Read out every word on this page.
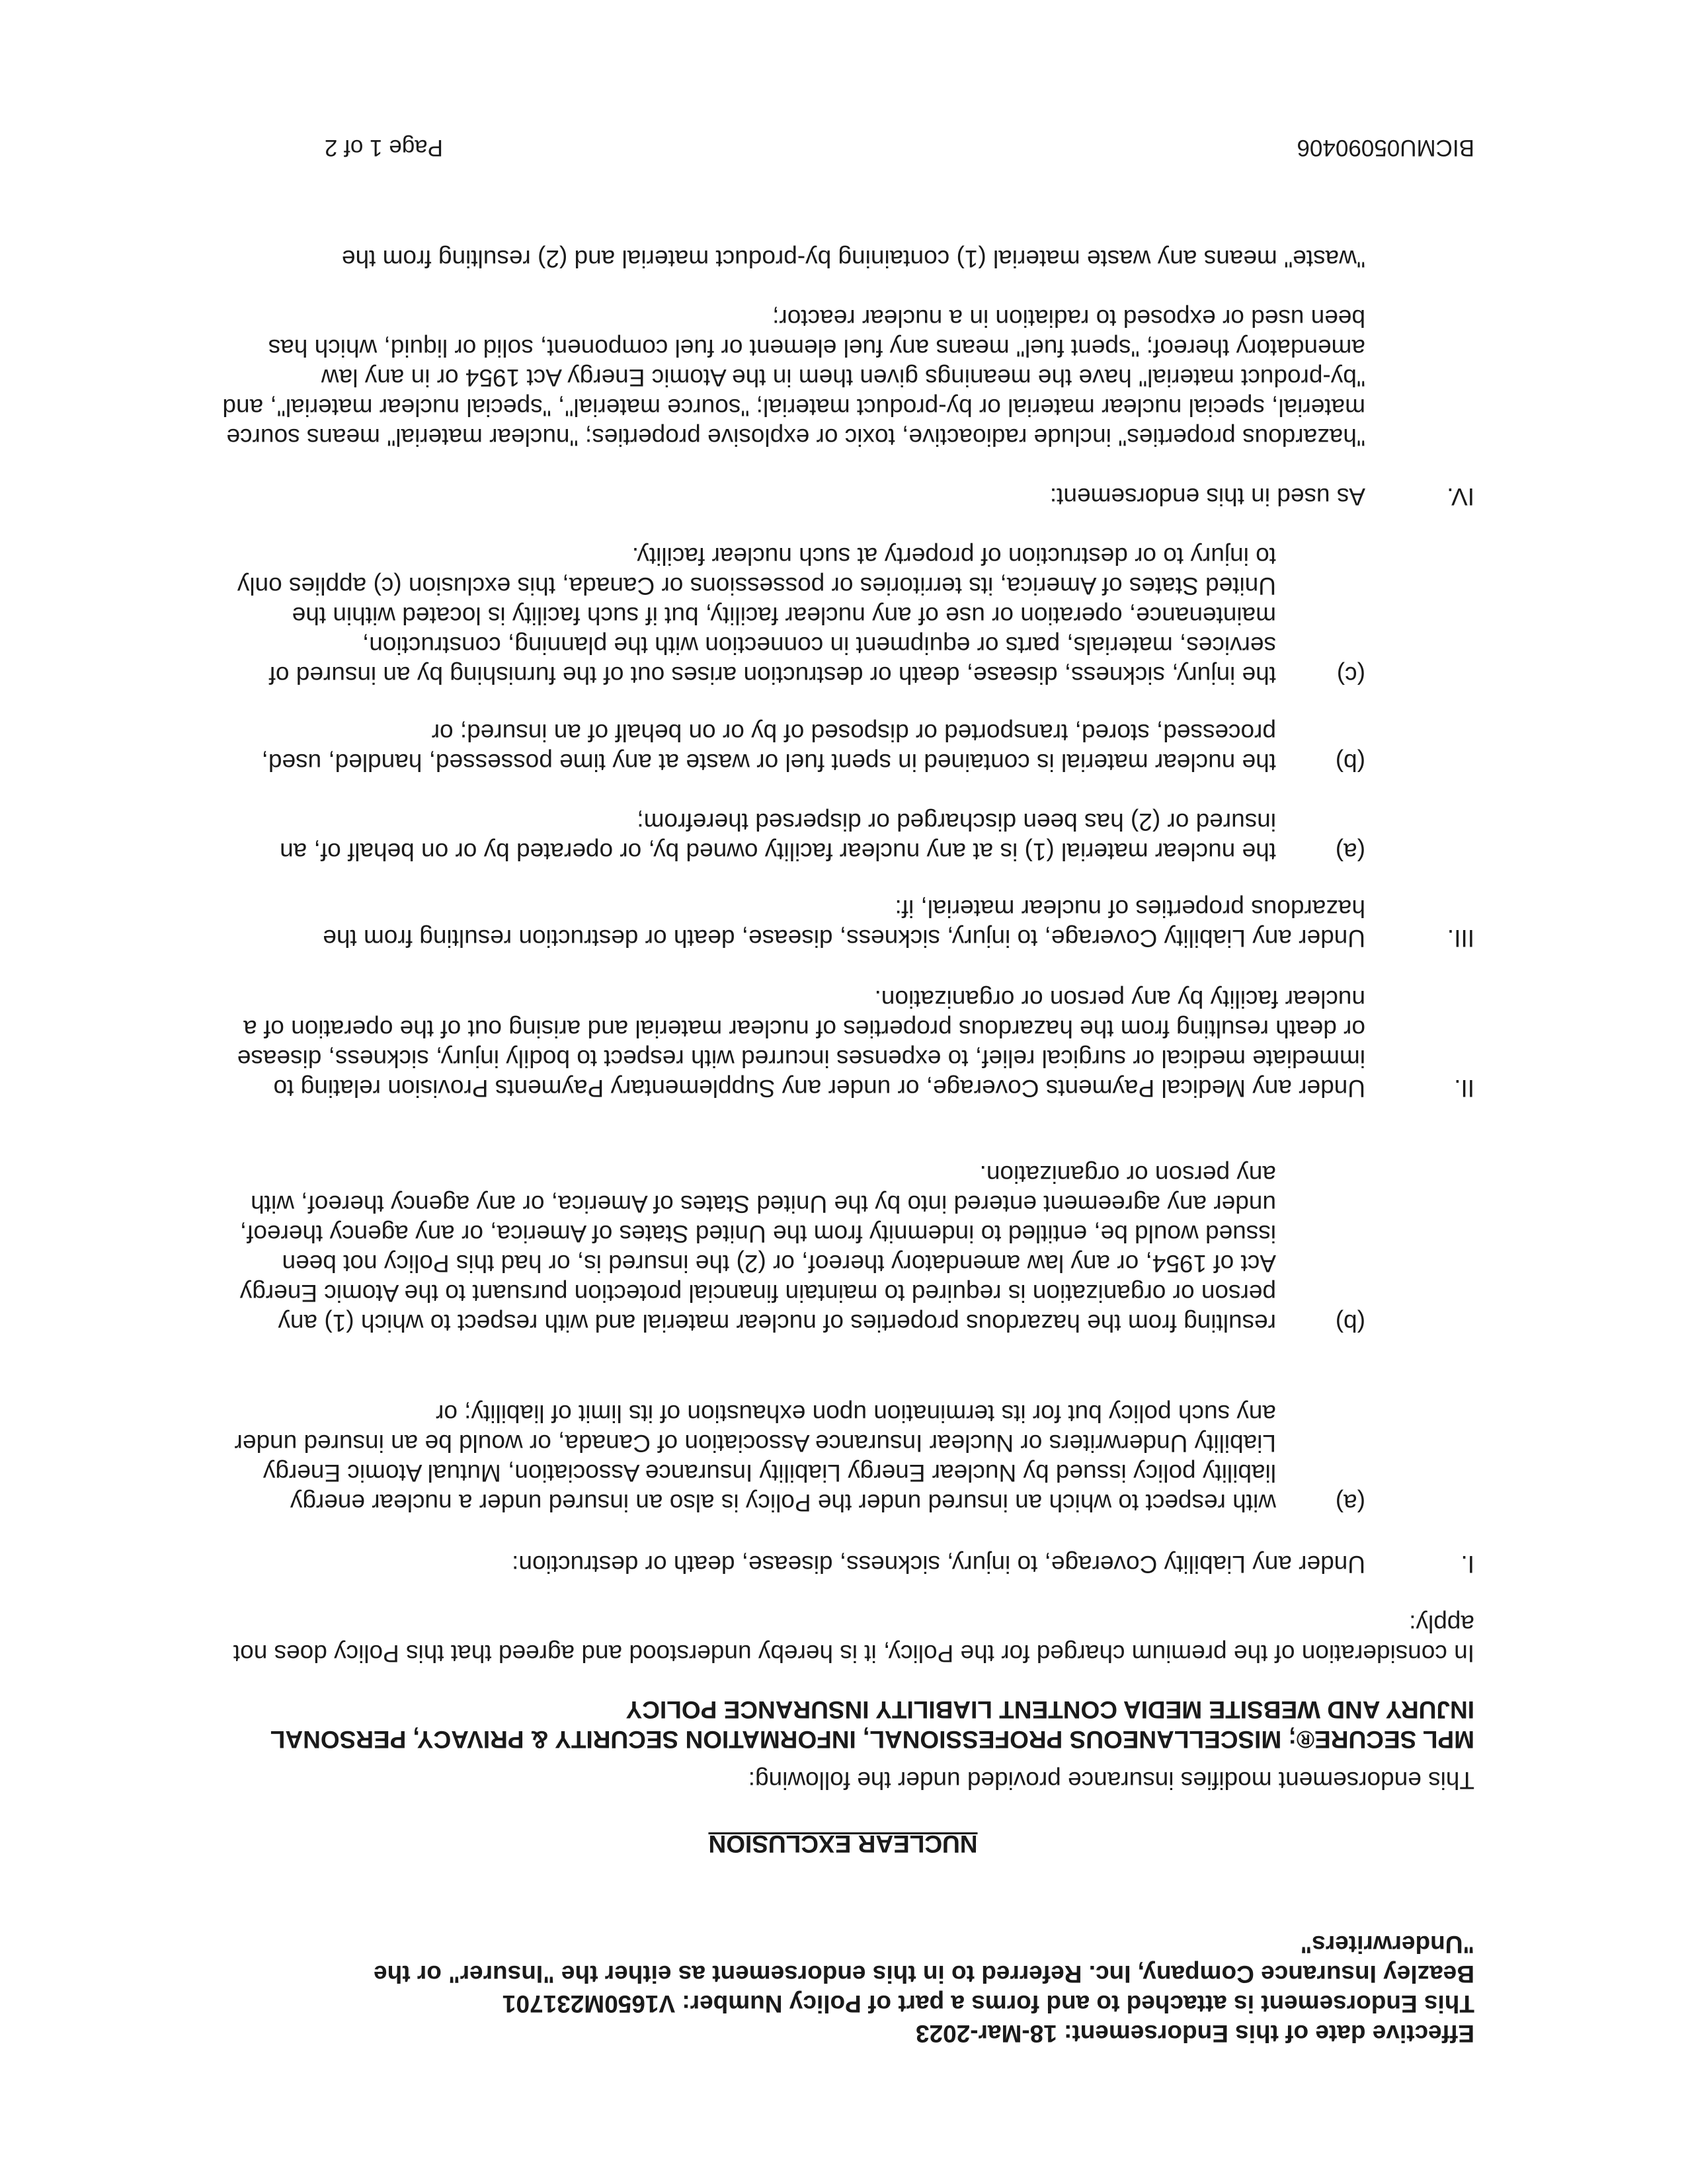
Effective date of this Endorsement: 18-Mar-2023

This Endorsement is attached to and forms a part of Policy Number: V1650M231701

Beazley Insurance Company, Inc. Referred to in this endorsement as either the "Insurer" or the "Underwriters"

NUCLEAR EXCLUSION
This endorsement modifies insurance provided under the following:
MPL SECURE®; MISCELLANEOUS PROFESSIONAL, INFORMATION SECURITY & PRIVACY, PERSONAL INJURY AND WEBSITE MEDIA CONTENT LIABILITY INSURANCE POLICY
In consideration of the premium charged for the Policy, it is hereby understood and agreed that this Policy does not apply:
I.
Under any Liability Coverage, to injury, sickness, disease, death or destruction:
(a)
with respect to which an insured under the Policy is also an insured under a nuclear energy liability policy issued by Nuclear Energy Liability Insurance Association, Mutual Atomic Energy Liability Underwriters or Nuclear Insurance Association of Canada, or would be an insured under any such policy but for its termination upon exhaustion of its limit of liability; or
(b)
resulting from the hazardous properties of nuclear material and with respect to which (1) any person or organization is required to maintain financial protection pursuant to the Atomic Energy Act of 1954, or any law amendatory thereof, or (2) the insured is, or had this Policy not been issued would be, entitled to indemnity from the United States of America, or any agency thereof, under any agreement entered into by the United States of America, or any agency thereof, with any person or organization.
II.
Under any Medical Payments Coverage, or under any Supplementary Payments Provision relating to immediate medical or surgical relief, to expenses incurred with respect to bodily injury, sickness, disease or death resulting from the hazardous properties of nuclear material and arising out of the operation of a nuclear facility by any person or organization.
III.
Under any Liability Coverage, to injury, sickness, disease, death or destruction resulting from the hazardous properties of nuclear material, if:
(a)
the nuclear material (1) is at any nuclear facility owned by, or operated by or on behalf of, an insured or (2) has been discharged or dispersed therefrom;
(b)
the nuclear material is contained in spent fuel or waste at any time possessed, handled, used, processed, stored, transported or disposed of by or on behalf of an insured; or
(c)
the injury, sickness, disease, death or destruction arises out of the furnishing by an insured of services, materials, parts or equipment in connection with the planning, construction, maintenance, operation or use of any nuclear facility, but if such facility is located within the United States of America, its territories or possessions or Canada, this exclusion (c) applies only to injury to or destruction of property at such nuclear facility.
IV.
As used in this endorsement:
"hazardous properties" include radioactive, toxic or explosive properties; "nuclear material" means source material, special nuclear material or by-product material; "source material", "special nuclear material", and "by-product material" have the meanings given them in the Atomic Energy Act 1954 or in any law amendatory thereof; "spent fuel" means any fuel element or fuel component, solid or liquid, which has been used or exposed to radiation in a nuclear reactor;
"waste" means any waste material (1) containing by-product material and (2) resulting from the
BICMU05090406
Page 1 of 2
